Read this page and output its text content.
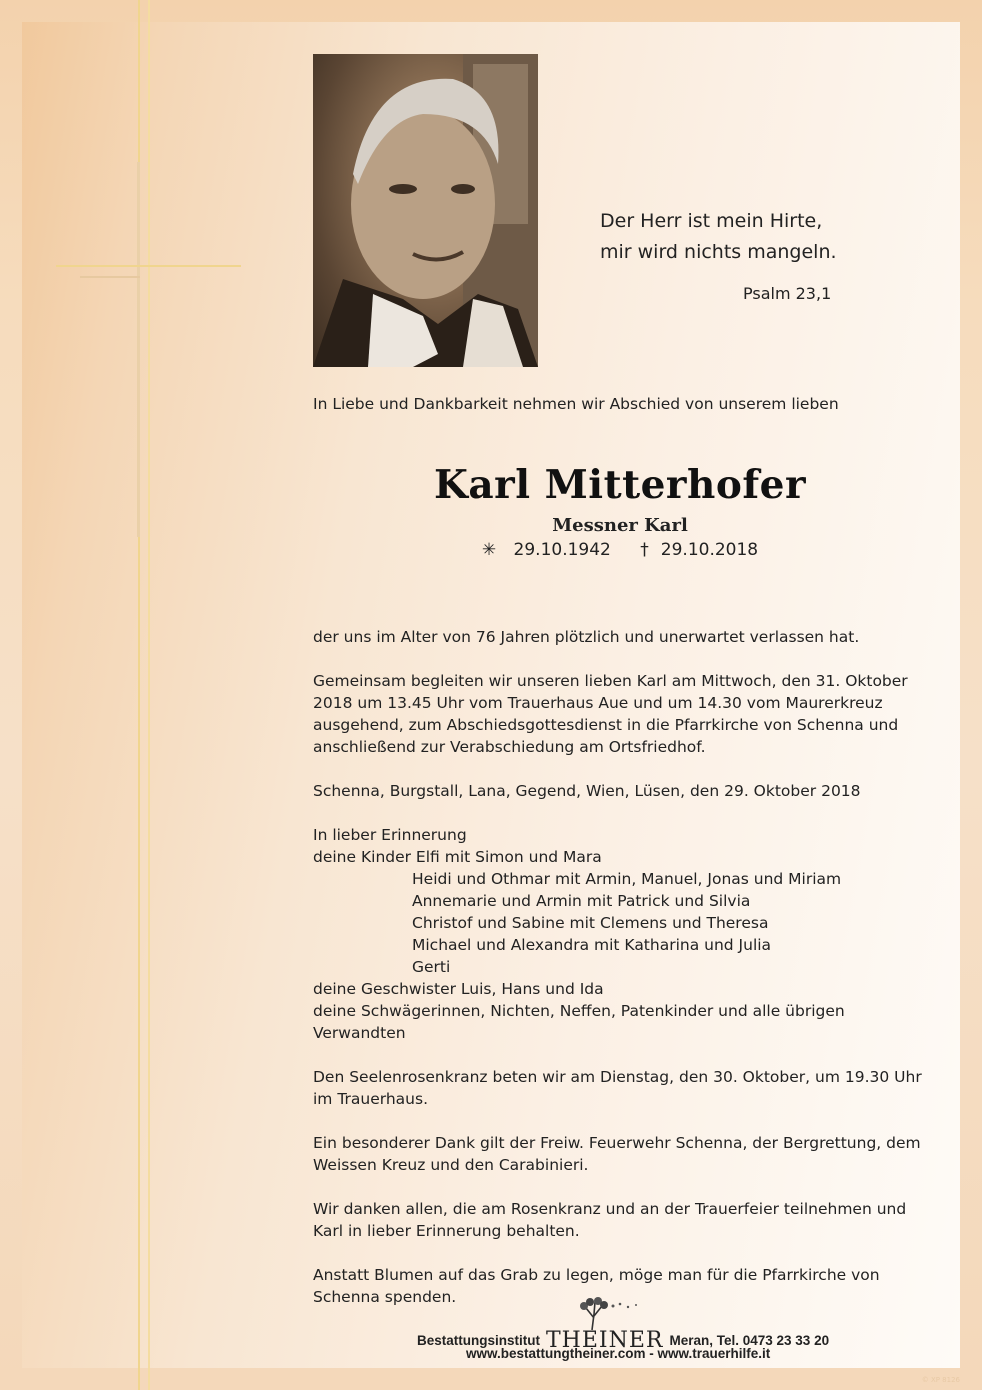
Der Herr ist mein Hirte,
mir wird nichts mangeln.
Psalm 23,1
In Liebe und Dankbarkeit nehmen wir Abschied von unserem lieben
Karl Mitterhofer
Messner Karl
✳ 29.10.1942 † 29.10.2018

der uns im Alter von 76 Jahren plötzlich und unerwartet verlassen hat.

Gemeinsam begleiten wir unseren lieben Karl am Mittwoch, den 31. Oktober

2018 um 13.45 Uhr vom Trauerhaus Aue und um 14.30 vom Maurerkreuz

ausgehend, zum Abschiedsgottesdienst in die Pfarrkirche von Schenna und

anschließend zur Verabschiedung am Ortsfriedhof.

Schenna, Burgstall, Lana, Gegend, Wien, Lüsen, den 29. Oktober 2018

In lieber Erinnerung

deine Kinder Elfi mit Simon und Mara

Heidi und Othmar mit Armin, Manuel, Jonas und Miriam

Annemarie und Armin mit Patrick und Silvia

Christof und Sabine mit Clemens und Theresa

Michael und Alexandra mit Katharina und Julia

Gerti

deine Geschwister Luis, Hans und Ida

deine Schwägerinnen, Nichten, Neffen, Patenkinder und alle übrigen Verwandten

Den Seelenrosenkranz beten wir am Dienstag, den 30. Oktober, um 19.30 Uhr

im Trauerhaus.

Ein besonderer Dank gilt der Freiw. Feuerwehr Schenna, der Bergrettung, dem

Weissen Kreuz und den Carabinieri.

Wir danken allen, die am Rosenkranz und an der Trauerfeier teilnehmen und

Karl in lieber Erinnerung behalten.

Anstatt Blumen auf das Grab zu legen, möge man für die Pfarrkirche von

Schenna spenden.

Bestattungsinstitut THEINER Meran, Tel. 0473 23 33 20
www.bestattungtheiner.com - www.trauerhilfe.it
© XP 8126
